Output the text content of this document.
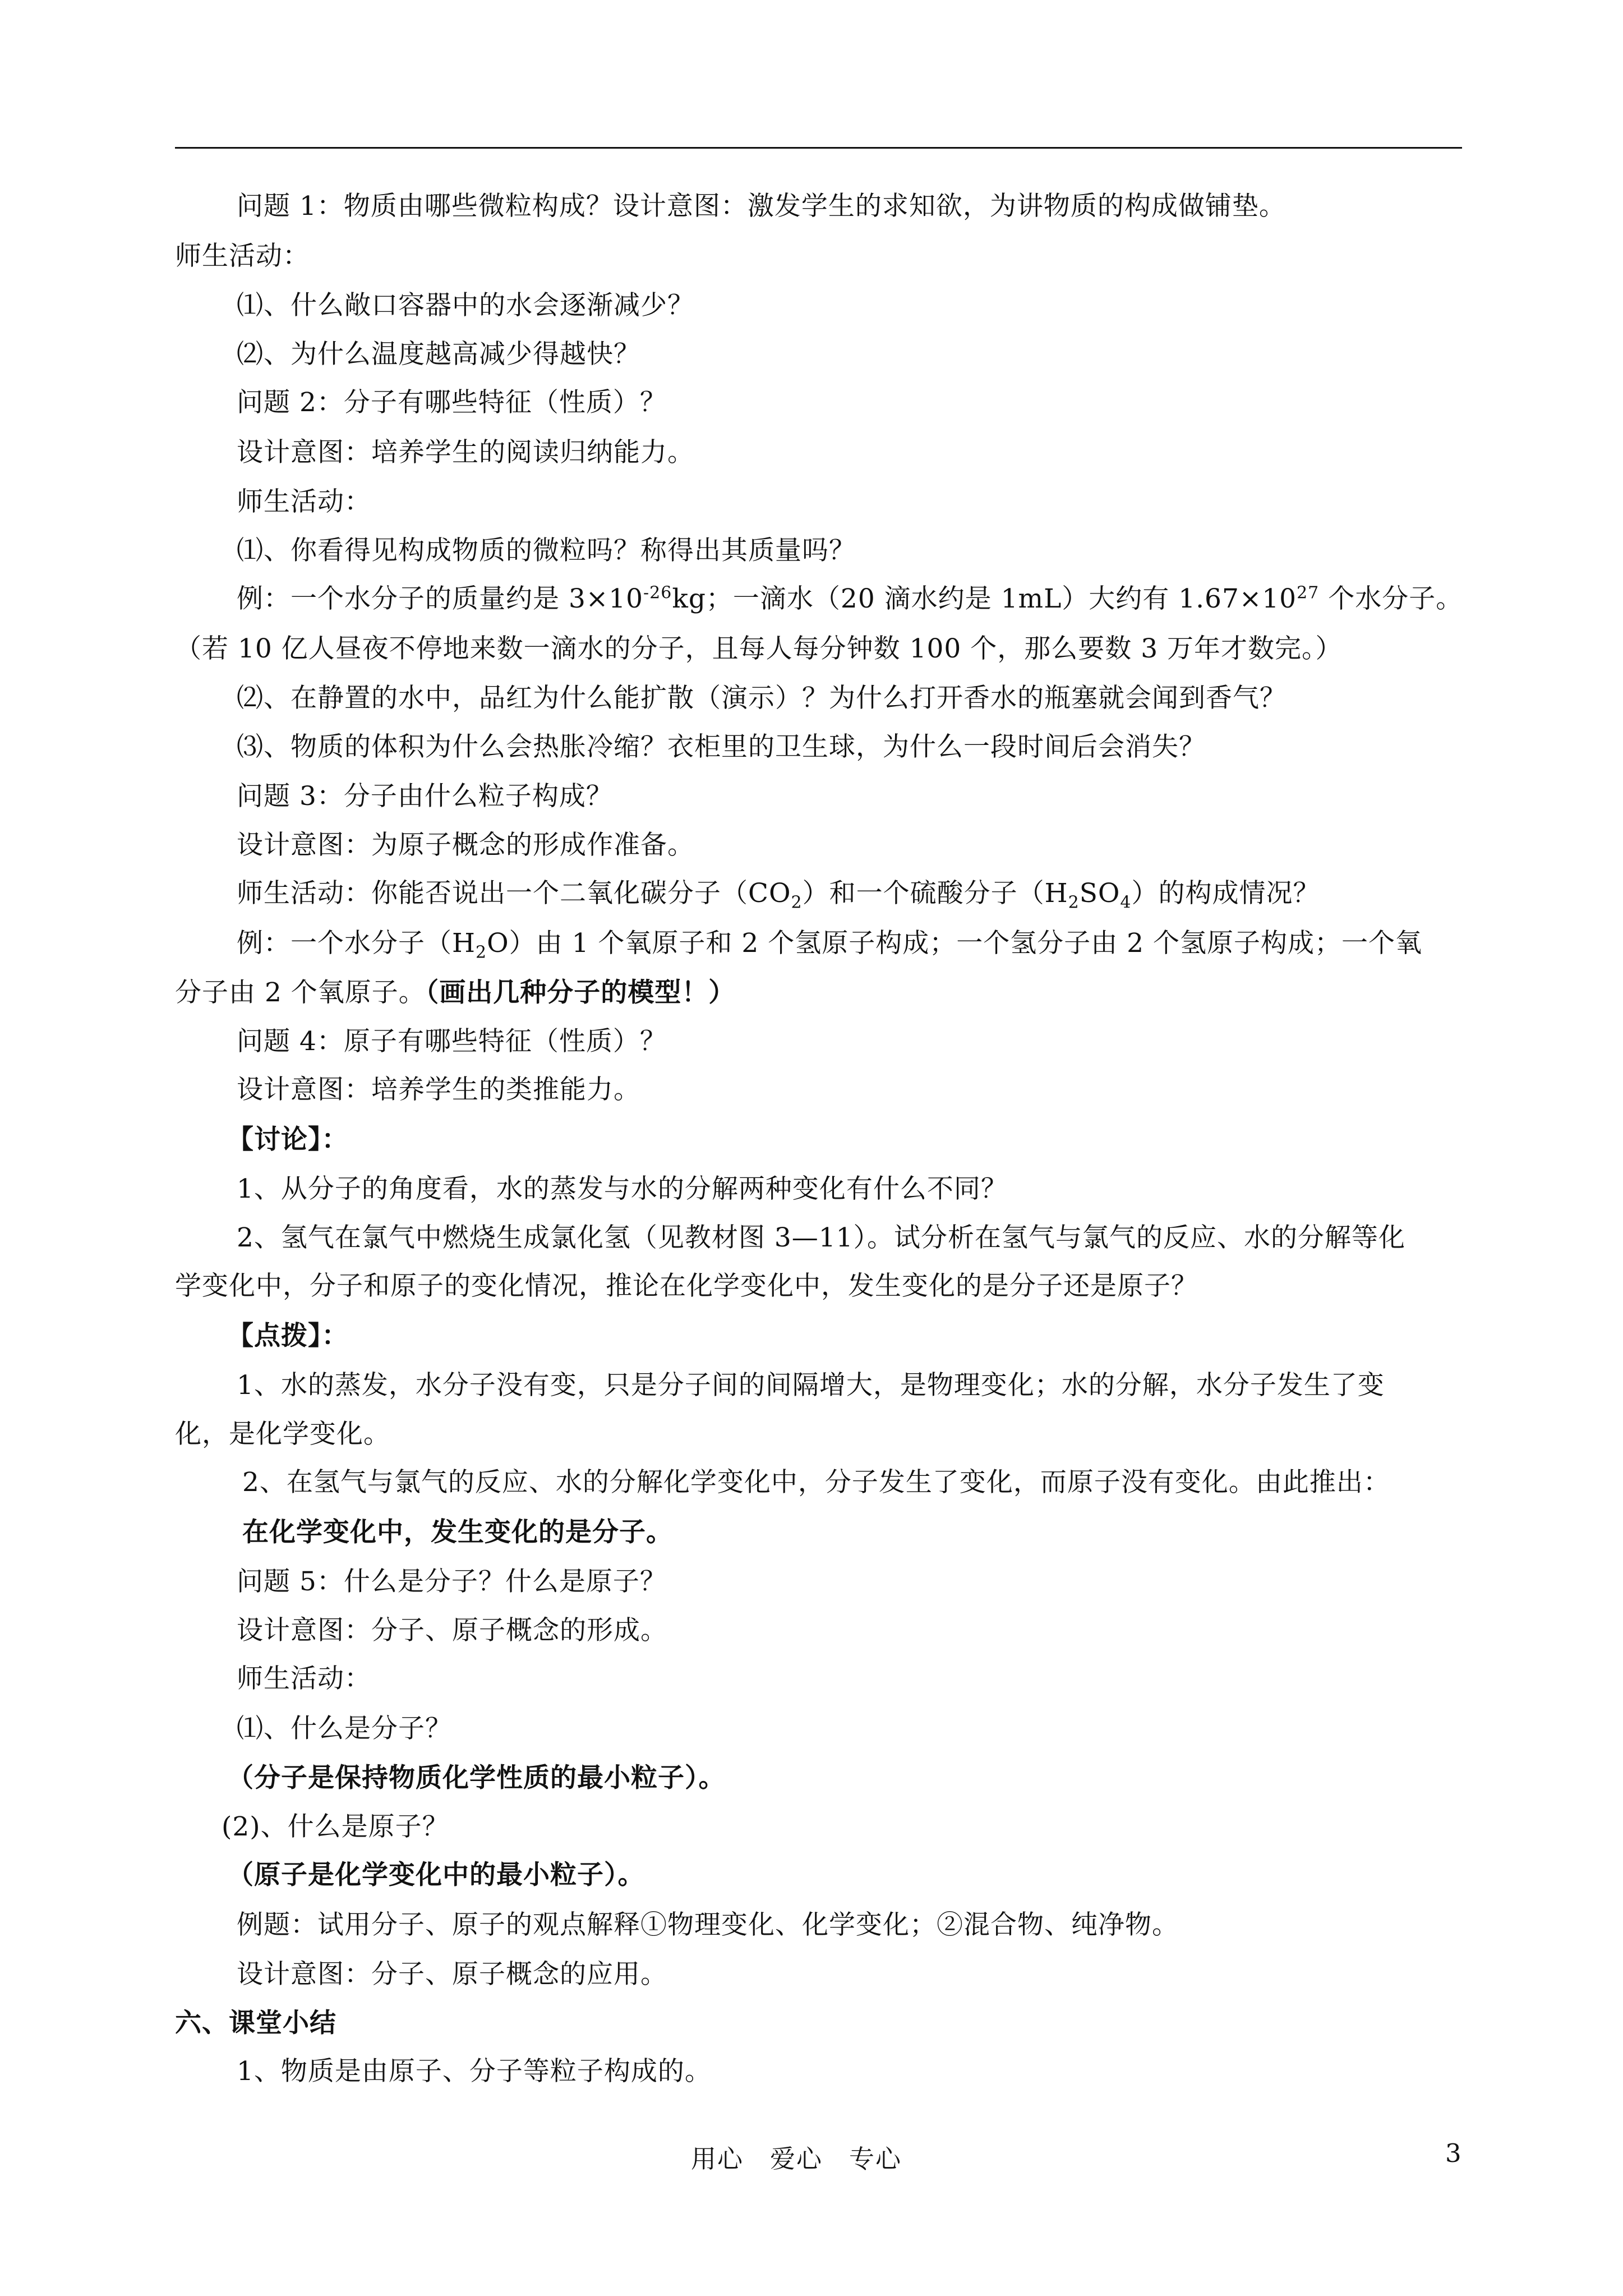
问题 1：物质由哪些微粒构成？设计意图：激发学生的求知欲，为讲物质的构成做铺垫。
师生活动：
⑴、什么敞口容器中的水会逐渐减少？
⑵、为什么温度越高减少得越快？
问题 2：分子有哪些特征（性质）？
设计意图：培养学生的阅读归纳能力。
师生活动：
⑴、你看得见构成物质的微粒吗？称得出其质量吗？
例：一个水分子的质量约是 $3\times 10^{-26}kg$；一滴水（20 滴水约是 1mL）大约有 $1.67\times 10^{27}$ 个水分子。
（若 10 亿人昼夜不停地来数一滴水的分子，且每人每分钟数 100 个，那么要数 3 万年才数完。）
⑵、在静置的水中，品红为什么能扩散（演示）？为什么打开香水的瓶塞就会闻到香气？
⑶、物质的体积为什么会热胀冷缩？衣柜里的卫生球，为什么一段时间后会消失？
问题 3：分子由什么粒子构成？
设计意图：为原子概念的形成作准备。
师生活动：你能否说出一个二氧化碳分子$(CO_2)$和一个硫酸分子$(H_2SO_4)$的构成情况？
例：一个水分子$(H_2O)$由 1 个氧原子和 2 个氢原子构成；一个氢分子由 2 个氢原子构成；一个氧
分子由 2 个氧原子。（画出几种分子的模型！）
问题 4：原子有哪些特征（性质）？
设计意图：培养学生的类推能力。
【讨论】：
1、从分子的角度看，水的蒸发与水的分解两种变化有什么不同？
2、氢气在氯气中燃烧生成氯化氢（见教材图 3—11）。试分析在氢气与氯气的反应、水的分解等化
学变化中，分子和原子的变化情况，推论在化学变化中，发生变化的是分子还是原子？
【点拨】：
1、水的蒸发，水分子没有变，只是分子间的间隔增大，是物理变化；水的分解，水分子发生了变
化，是化学变化。
2、在氢气与氯气的反应、水的分解化学变化中，分子发生了变化，而原子没有变化。由此推出：
在化学变化中，发生变化的是分子。
问题 5：什么是分子？什么是原子？
设计意图：分子、原子概念的形成。
师生活动：
⑴、什么是分子？
（分子是保持物质化学性质的最小粒子）。
(2)、什么是原子？
（原子是化学变化中的最小粒子）。
例题：试用分子、原子的观点解释①物理变化、化学变化；②混合物、纯净物。
设计意图：分子、原子概念的应用。
六、课堂小结
1、物质是由原子、分子等粒子构成的。
用心　爱心　专心	3
